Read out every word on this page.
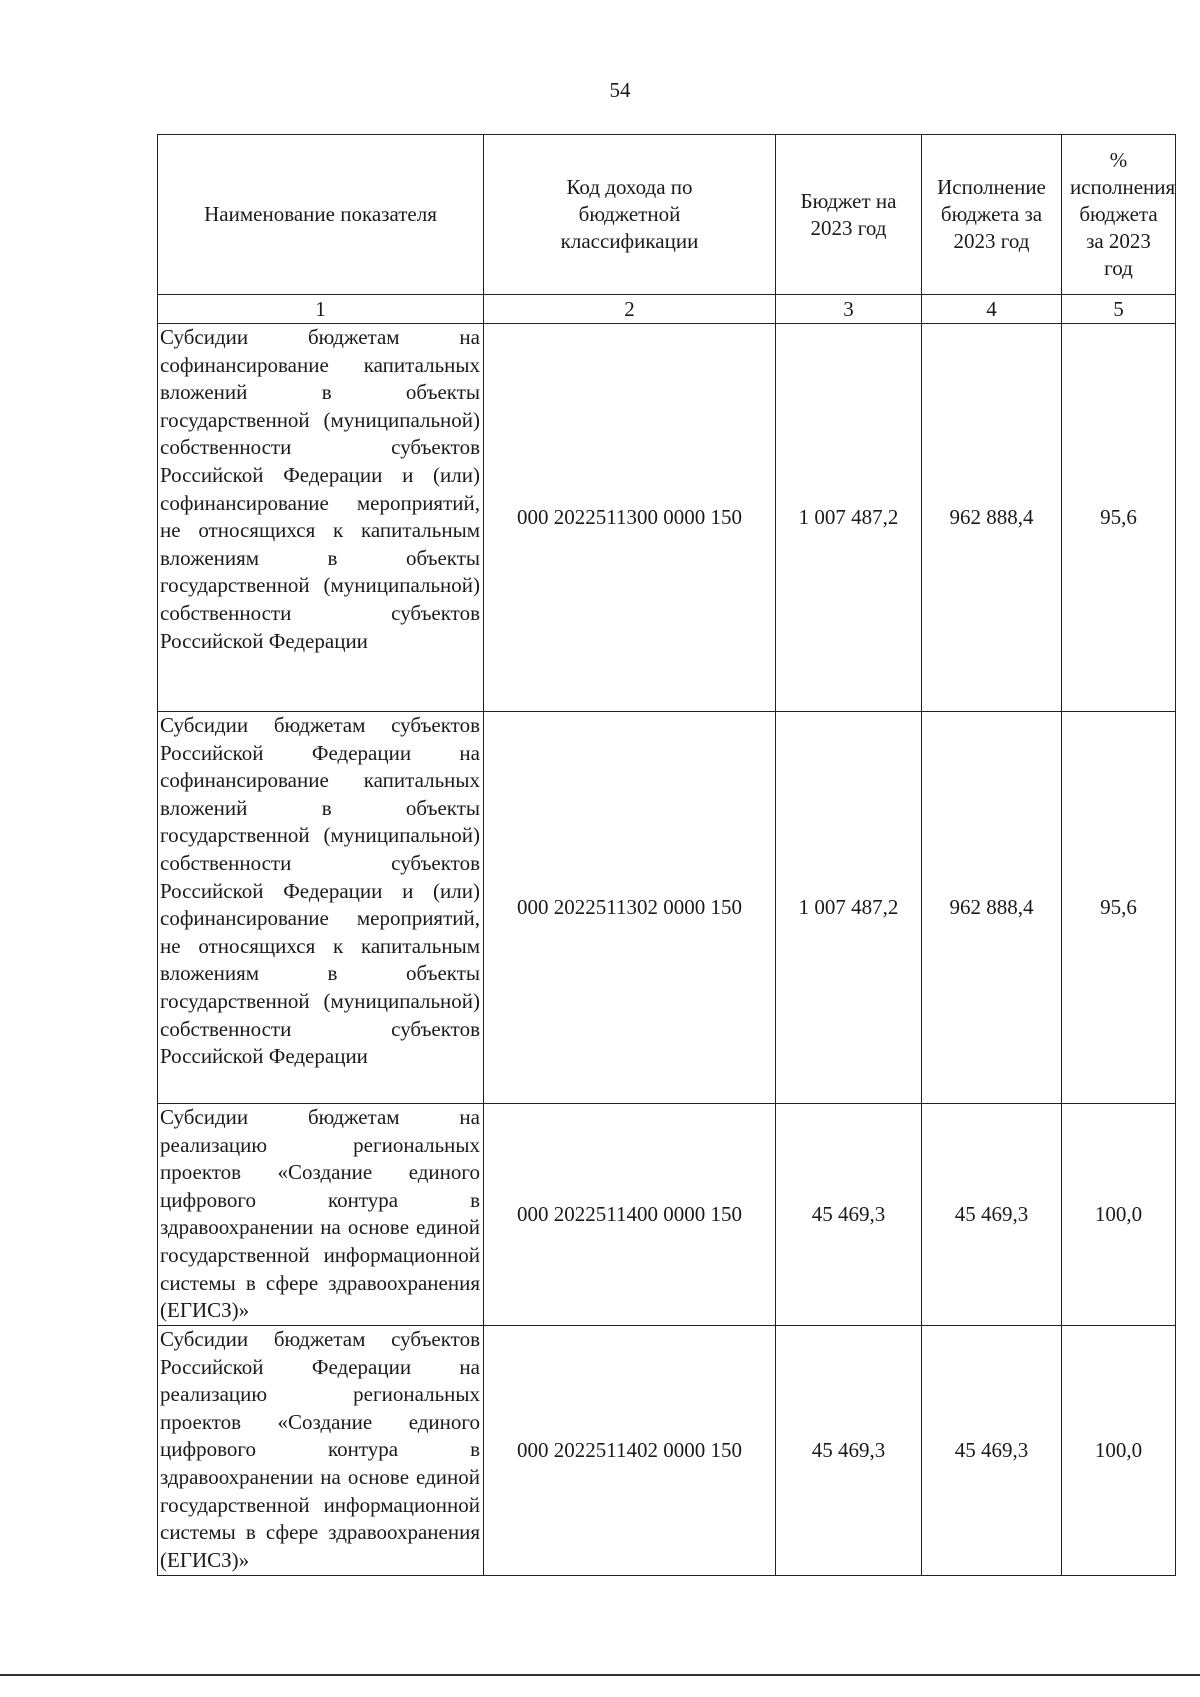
54
Наименование показателя	Код дохода по бюджетной классификации	Бюджет на 2023 год	Исполнение бюджета за 2023 год	% исполнения бюджета за 2023 год
1	2	3	4	5
Субсидии бюджетам на софинансирование капитальных вложений в объекты государственной (муниципальной) собственности субъектов Российской Федерации и (или) софинансирование мероприятий, не относящихся к капитальным вложениям в объекты государственной (муниципальной) собственности субъектов Российской Федерации	000 2022511300 0000 150	1 007 487,2	962 888,4	95,6
Субсидии бюджетам субъектов Российской Федерации на софинансирование капитальных вложений в объекты государственной (муниципальной) собственности субъектов Российской Федерации и (или) софинансирование мероприятий, не относящихся к капитальным вложениям в объекты государственной (муниципальной) собственности субъектов Российской Федерации	000 2022511302 0000 150	1 007 487,2	962 888,4	95,6
Субсидии бюджетам на реализацию региональных проектов «Создание единого цифрового контура в здравоохранении на основе единой государственной информационной системы в сфере здравоохранения (ЕГИСЗ)»	000 2022511400 0000 150	45 469,3	45 469,3	100,0
Субсидии бюджетам субъектов Российской Федерации на реализацию региональных проектов «Создание единого цифрового контура в здравоохранении на основе единой государственной информационной системы в сфере здравоохранения (ЕГИСЗ)»	000 2022511402 0000 150	45 469,3	45 469,3	100,0
